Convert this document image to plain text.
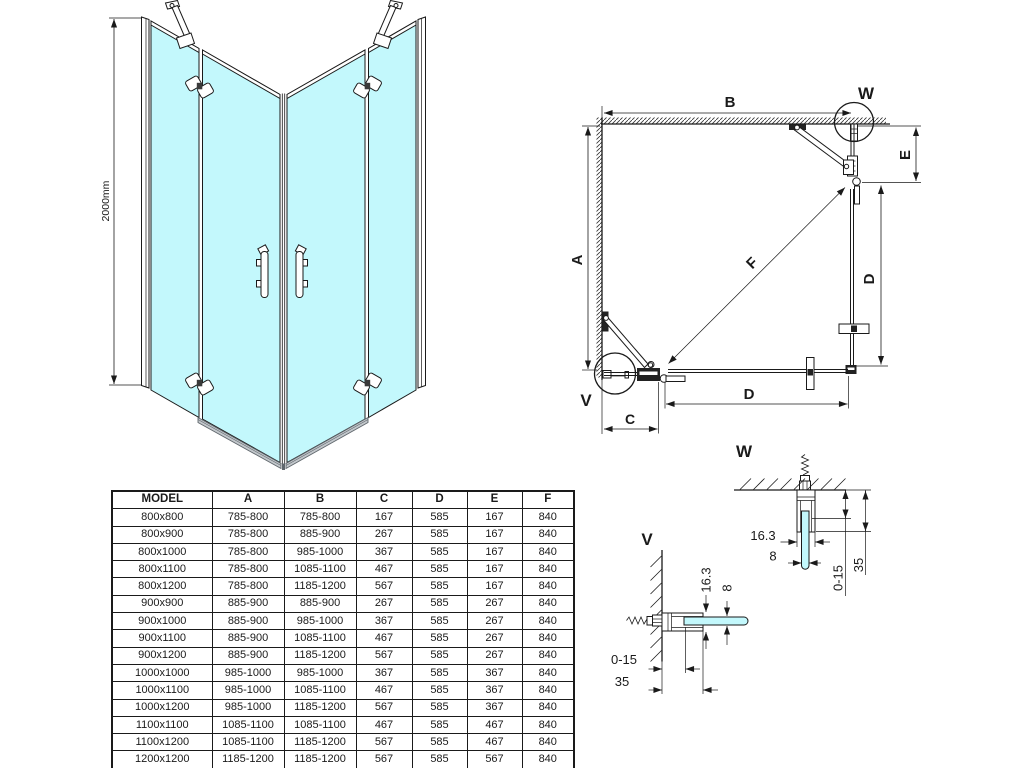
2000mm
B
A
E
D
D
C
F
W
V
W
16.3
8
0-15 35
V
16.3 8
0-15
35
MODEL	A	B	C	D	E	F
800x800	785-800	785-800	167	585	167	840
800x900	785-800	885-900	267	585	167	840
800x1000	785-800	985-1000	367	585	167	840
800x1100	785-800	1085-1100	467	585	167	840
800x1200	785-800	1185-1200	567	585	167	840
900x900	885-900	885-900	267	585	267	840
900x1000	885-900	985-1000	367	585	267	840
900x1100	885-900	1085-1100	467	585	267	840
900x1200	885-900	1185-1200	567	585	267	840
1000x1000	985-1000	985-1000	367	585	367	840
1000x1100	985-1000	1085-1100	467	585	367	840
1000x1200	985-1000	1185-1200	567	585	367	840
1100x1100	1085-1100	1085-1100	467	585	467	840
1100x1200	1085-1100	1185-1200	567	585	467	840
1200x1200	1185-1200	1185-1200	567	585	567	840
